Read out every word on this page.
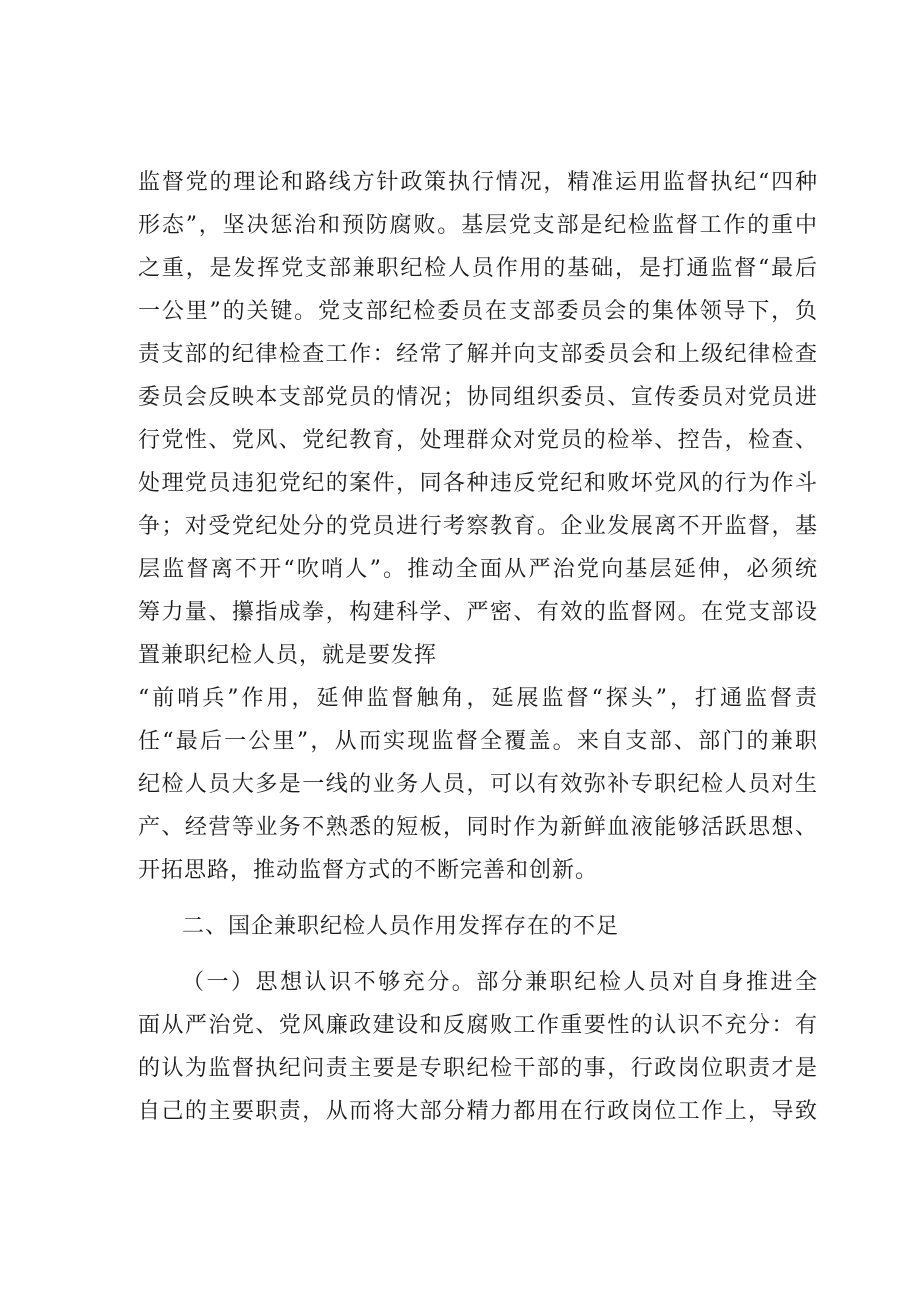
监督党的理论和路线方针政策执行情况，精准运用监督执纪“四种
形态”，坚决惩治和预防腐败。基层党支部是纪检监督工作的重中
之重，是发挥党支部兼职纪检人员作用的基础，是打通监督“最后
一公里”的关键。党支部纪检委员在支部委员会的集体领导下，负
责支部的纪律检查工作：经常了解并向支部委员会和上级纪律检查
委员会反映本支部党员的情况；协同组织委员、宣传委员对党员进
行党性、党风、党纪教育，处理群众对党员的检举、控告，检查、
处理党员违犯党纪的案件，同各种违反党纪和败坏党风的行为作斗
争；对受党纪处分的党员进行考察教育。企业发展离不开监督，基
层监督离不开“吹哨人”。推动全面从严治党向基层延伸，必须统
筹力量、攥指成拳，构建科学、严密、有效的监督网。在党支部设
置兼职纪检人员，就是要发挥
“前哨兵”作用，延伸监督触角，延展监督“探头”，打通监督责
任“最后一公里”，从而实现监督全覆盖。来自支部、部门的兼职
纪检人员大多是一线的业务人员，可以有效弥补专职纪检人员对生
产、经营等业务不熟悉的短板，同时作为新鲜血液能够活跃思想、
开拓思路，推动监督方式的不断完善和创新。
二、国企兼职纪检人员作用发挥存在的不足
（一）思想认识不够充分。部分兼职纪检人员对自身推进全
面从严治党、党风廉政建设和反腐败工作重要性的认识不充分：有
的认为监督执纪问责主要是专职纪检干部的事，行政岗位职责才是
自己的主要职责，从而将大部分精力都用在行政岗位工作上，导致
